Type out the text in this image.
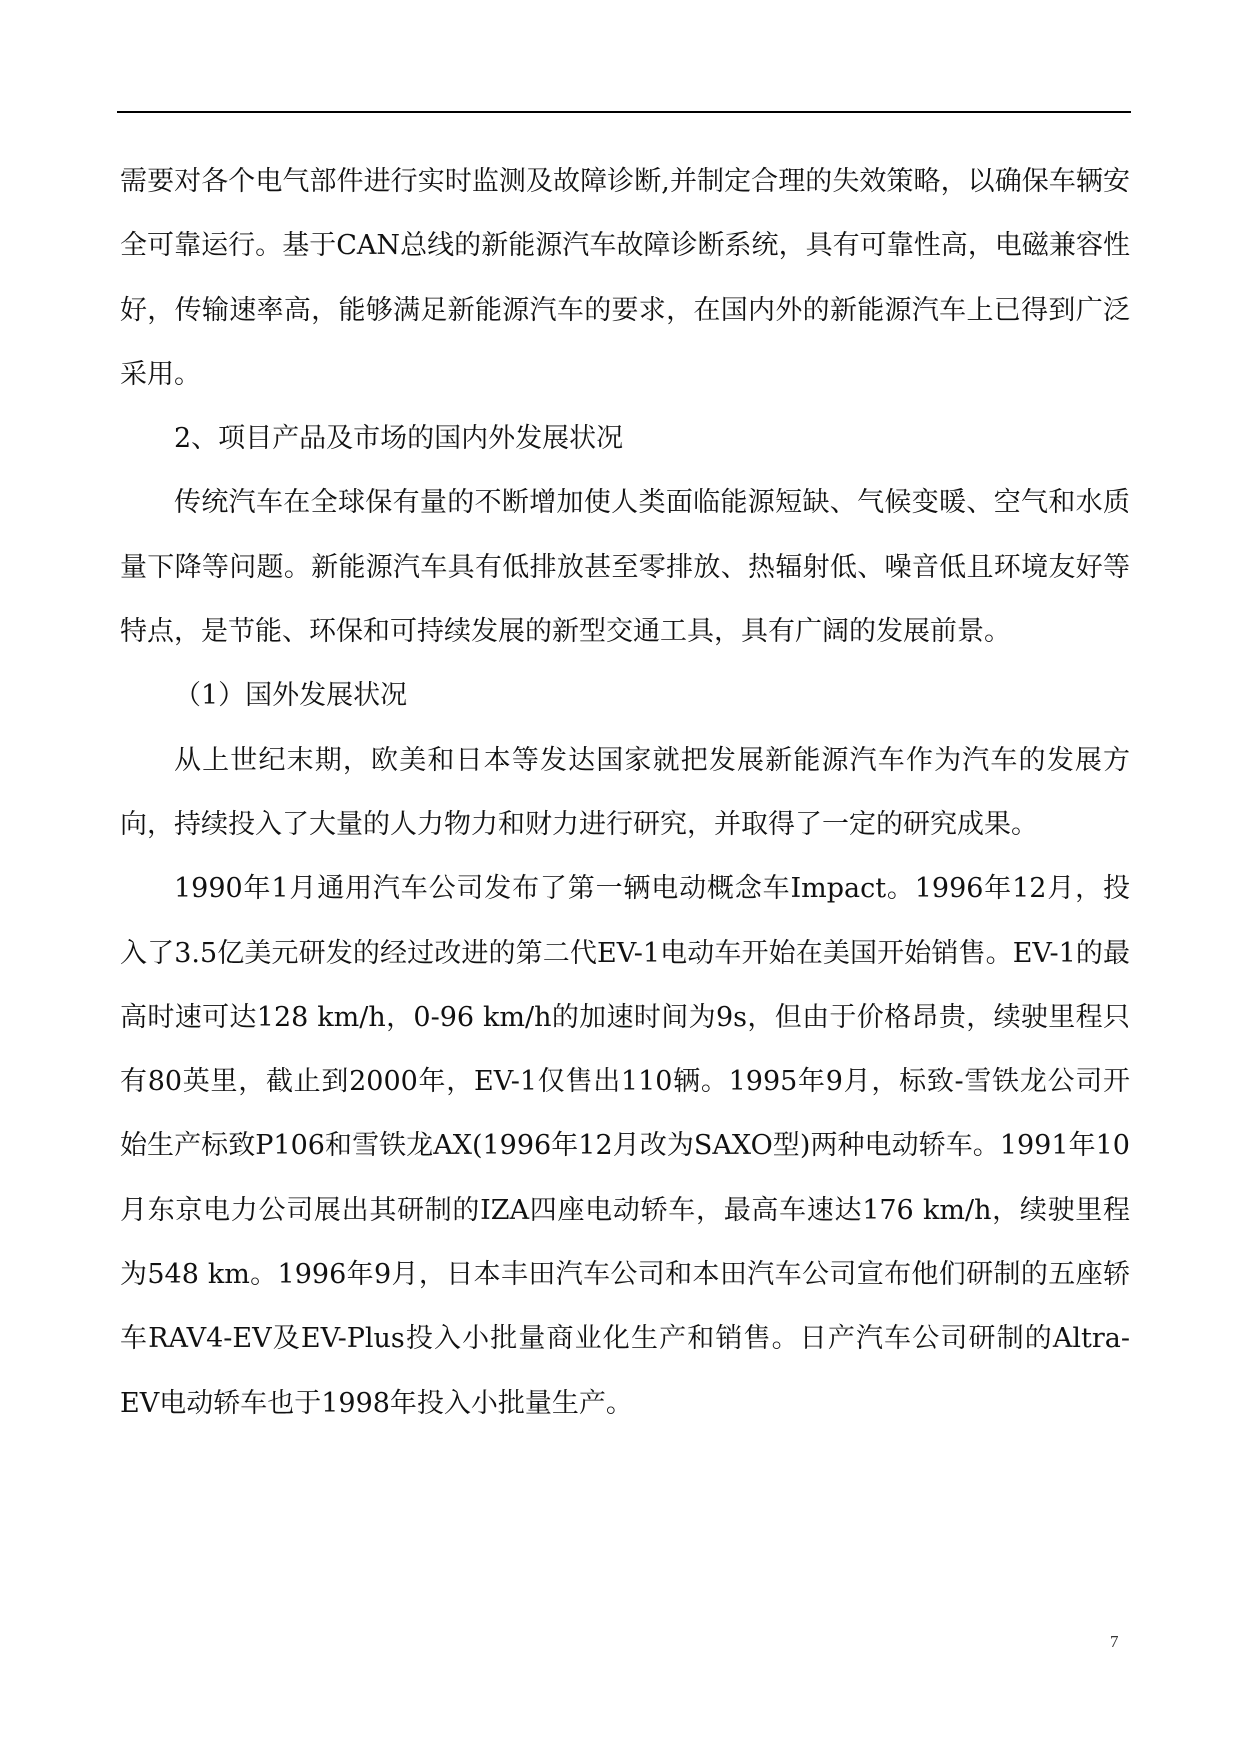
需要对各个电气部件进行实时监测及故障诊断,并制定合理的失效策略，以确保车辆安全可靠运行。基于CAN总线的新能源汽车故障诊断系统，具有可靠性高，电磁兼容性好，传输速率高，能够满足新能源汽车的要求，在国内外的新能源汽车上已得到广泛采用。

2、项目产品及市场的国内外发展状况

传统汽车在全球保有量的不断增加使人类面临能源短缺、气候变暖、空气和水质量下降等问题。新能源汽车具有低排放甚至零排放、热辐射低、噪音低且环境友好等特点，是节能、环保和可持续发展的新型交通工具，具有广阔的发展前景。

（1）国外发展状况

从上世纪末期，欧美和日本等发达国家就把发展新能源汽车作为汽车的发展方向，持续投入了大量的人力物力和财力进行研究，并取得了一定的研究成果。

1990年1月通用汽车公司发布了第一辆电动概念车Impact。1996年12月，投入了3.5亿美元研发的经过改进的第二代EV-1电动车开始在美国开始销售。EV-1的最高时速可达128 km/h，0-96 km/h的加速时间为9s，但由于价格昂贵，续驶里程只有80英里，截止到2000年，EV-1仅售出110辆。1995年9月，标致-雪铁龙公司开始生产标致P106和雪铁龙AX(1996年12月改为SAXO型)两种电动轿车。1991年10月东京电力公司展出其研制的IZA四座电动轿车，最高车速达176 km/h，续驶里程为548 km。1996年9月，日本丰田汽车公司和本田汽车公司宣布他们研制的五座轿车RAV4-EV及EV-Plus投入小批量商业化生产和销售。日产汽车公司研制的Altra-EV电动轿车也于1998年投入小批量生产。

7
